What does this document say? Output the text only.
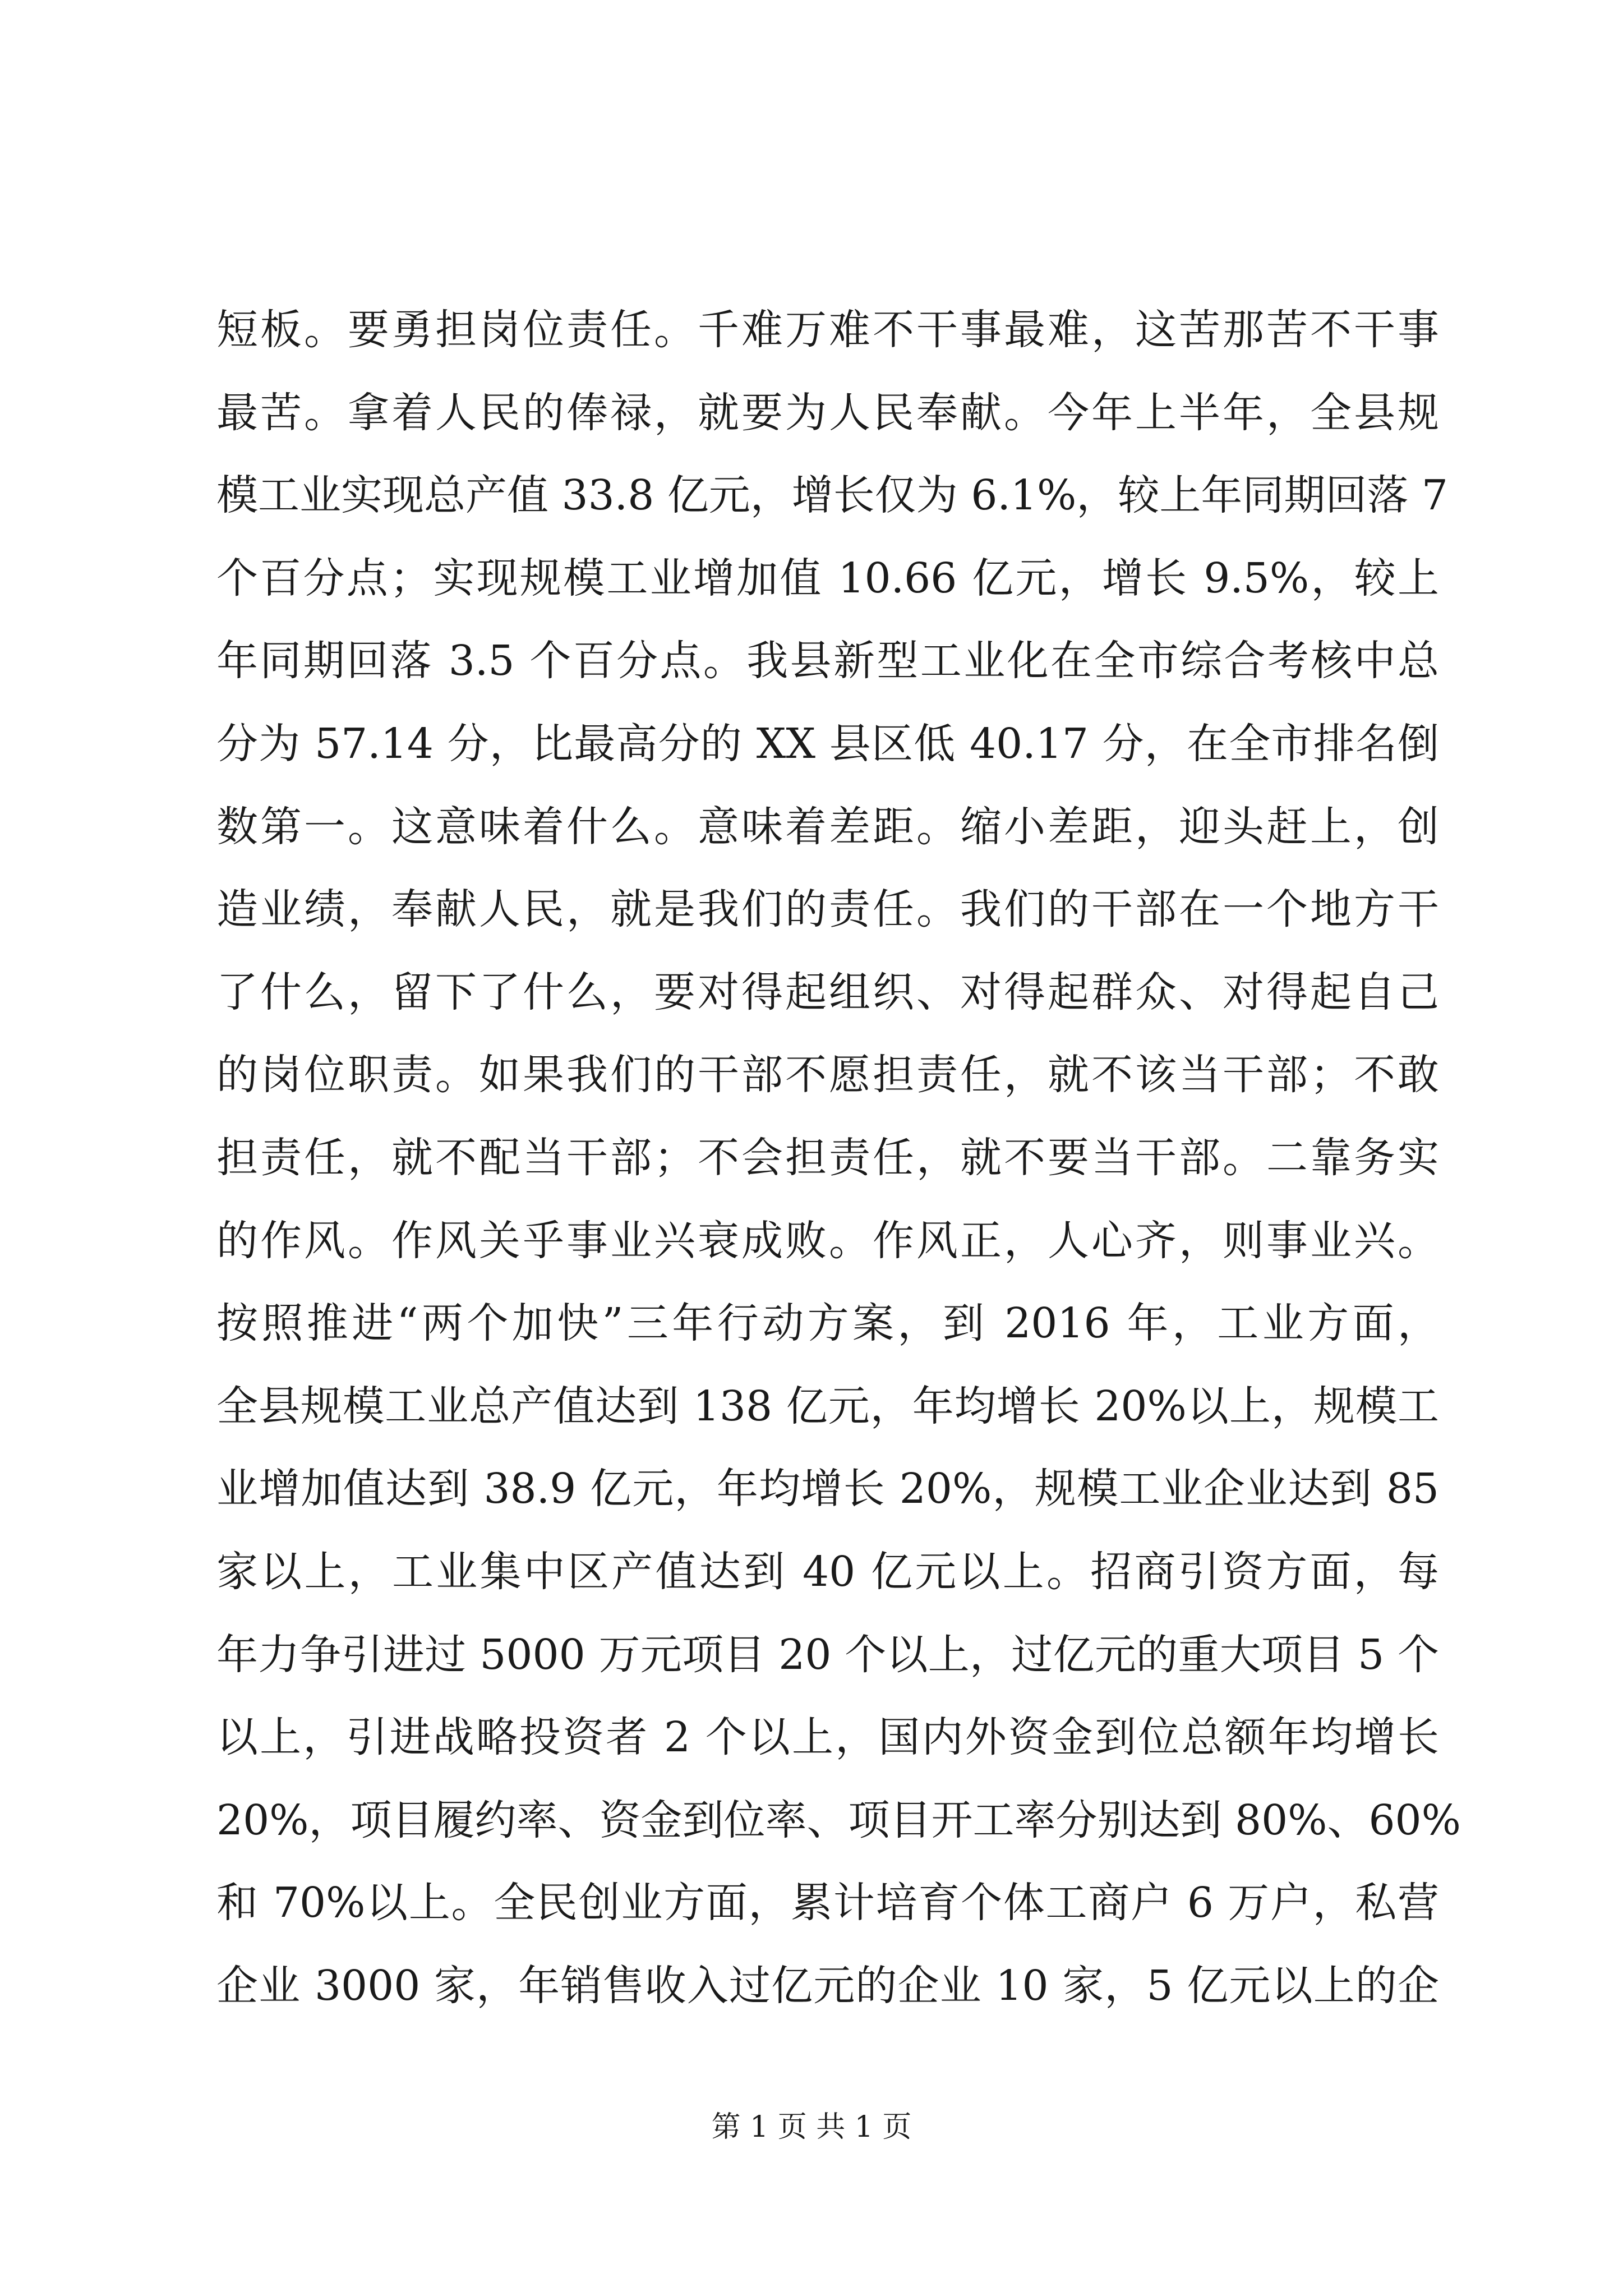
短板。要勇担岗位责任。千难万难不干事最难，这苦那苦不干事
最苦。拿着人民的俸禄，就要为人民奉献。今年上半年，全县规
模工业实现总产值 33.8 亿元，增长仅为 6.1%，较上年同期回落 7
个百分点；实现规模工业增加值 10.66 亿元，增长 9.5%，较上
年同期回落 3.5 个百分点。我县新型工业化在全市综合考核中总
分为 57.14 分，比最高分的 XX 县区低 40.17 分，在全市排名倒
数第一。这意味着什么。意味着差距。缩小差距，迎头赶上，创
造业绩，奉献人民，就是我们的责任。我们的干部在一个地方干
了什么，留下了什么，要对得起组织、对得起群众、对得起自己
的岗位职责。如果我们的干部不愿担责任，就不该当干部；不敢
担责任，就不配当干部；不会担责任，就不要当干部。二靠务实
的作风。作风关乎事业兴衰成败。作风正，人心齐，则事业兴。
按照推进“两个加快”三年行动方案，到 2016 年，工业方面，
全县规模工业总产值达到 138 亿元，年均增长 20%以上，规模工
业增加值达到 38.9 亿元，年均增长 20%，规模工业企业达到 85
家以上，工业集中区产值达到 40 亿元以上。招商引资方面，每
年力争引进过 5000 万元项目 20 个以上，过亿元的重大项目 5 个
以上，引进战略投资者 2 个以上，国内外资金到位总额年均增长
20%，项目履约率、资金到位率、项目开工率分别达到 80%、60%
和 70%以上。全民创业方面，累计培育个体工商户 6 万户，私营
企业 3000 家，年销售收入过亿元的企业 10 家，5 亿元以上的企
第 1 页 共 1 页
